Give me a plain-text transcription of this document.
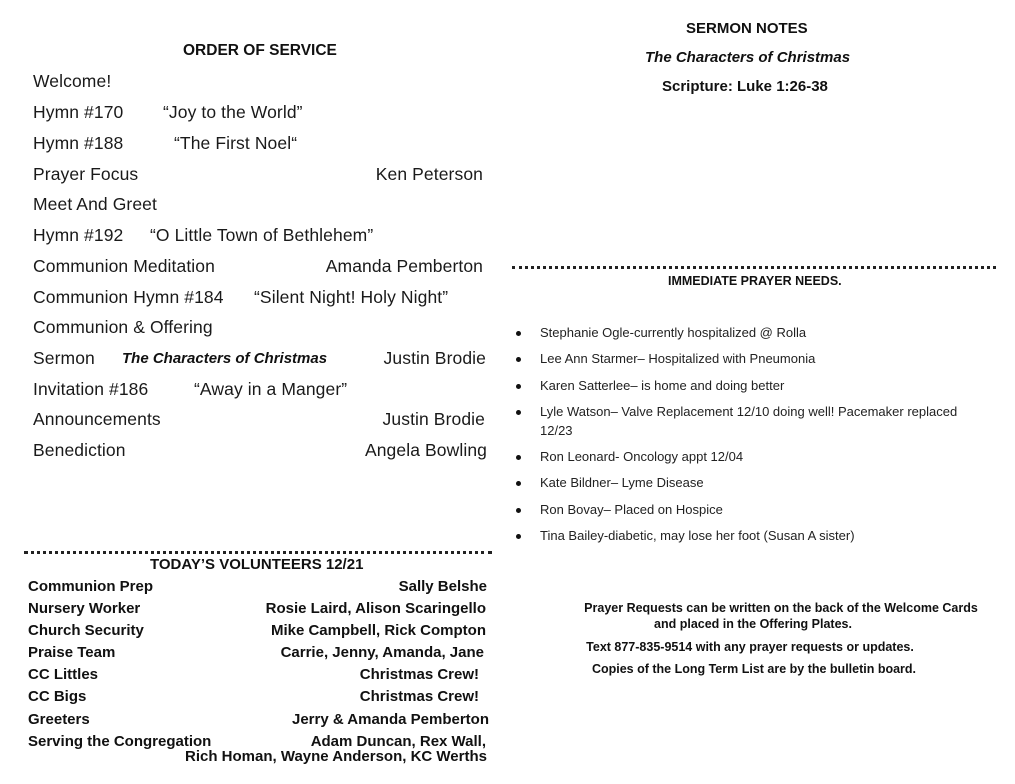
ORDER OF SERVICE
Welcome!
Hymn #170 “Joy to the World”
Hymn #188	“The First Noel“
Prayer Focus	Ken Peterson
Meet And Greet
Hymn #192 “O Little Town of Bethlehem”
Communion Meditation	Amanda Pemberton
Communion Hymn #184 “Silent Night! Holy Night”
Communion & Offering
Sermon The Characters of Christmas	Justin Brodie
Invitation #186	“Away in a Manger”
Announcements	Justin Brodie
Benediction	Angela Bowling
TODAY’S VOLUNTEERS 12/21
Communion Prep	Sally Belshe
Nursery Worker	Rosie Laird, Alison Scaringello
Church Security	Mike Campbell, Rick Compton
Praise Team	Carrie, Jenny, Amanda, Jane
CC Littles	Christmas Crew!
CC Bigs	Christmas Crew!
Greeters	Jerry & Amanda Pemberton
Serving the Congregation	Adam Duncan, Rex Wall,
Rich Homan, Wayne Anderson, KC Werths
SERMON NOTES
The Characters of Christmas
Scripture: Luke 1:26-38
IMMEDIATE PRAYER NEEDS.
Stephanie Ogle-currently hospitalized @ Rolla
Lee Ann Starmer– Hospitalized with Pneumonia
Karen Satterlee– is home and doing better
Lyle Watson– Valve Replacement 12/10 doing well! Pacemaker replaced
12/23
Ron Leonard- Oncology appt 12/04
Kate Bildner– Lyme Disease
Ron Bovay– Placed on Hospice
Tina Bailey-diabetic, may lose her foot (Susan A sister)
Prayer Requests can be written on the back of the Welcome Cards
and placed in the Offering Plates.
Text 877-835-9514 with any prayer requests or updates.
Copies of the Long Term List are by the bulletin board.
